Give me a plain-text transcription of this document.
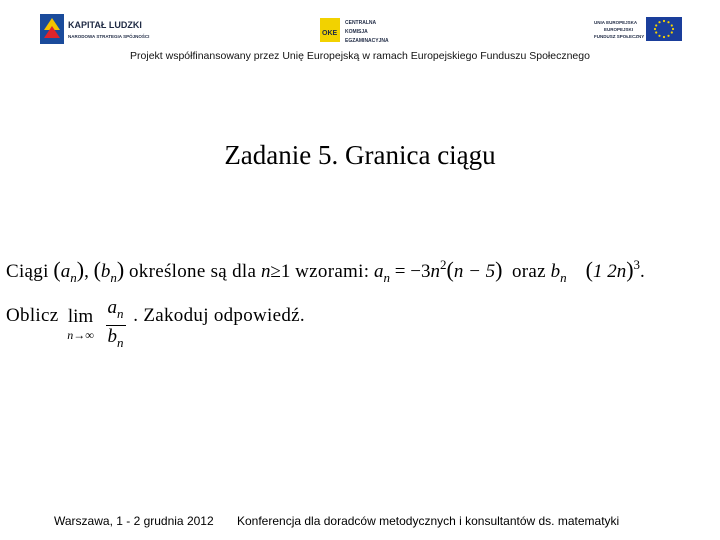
KAPITAŁ LUDZKI
NARODOWA STRATEGIA SPÓJNOŚCI	OKE
CENTRALNA
KOMISJA
EGZAMINACYJNA
UNIA EUROPEJSKA
EUROPEJSKI
FUNDUSZ SPOŁECZNY
Projekt współfinansowany przez Unię Europejską w ramach Europejskiego Funduszu Społecznego
Zadanie 5. Granica ciągu
Ciągi $(a_n)$, $(b_n)$ określone są dla n≥1 wzorami: $a_n = -3n^2(n - 5)$ oraz $b_n$ (1 2n)$^3$.
Oblicz lim
n→∞
$\frac{a_n}{b_n}$ . Zakoduj odpowiedź.
Warszawa, 1 - 2 grudnia 2012 Konferencja dla doradców metodycznych i konsultantów ds. matematyki
